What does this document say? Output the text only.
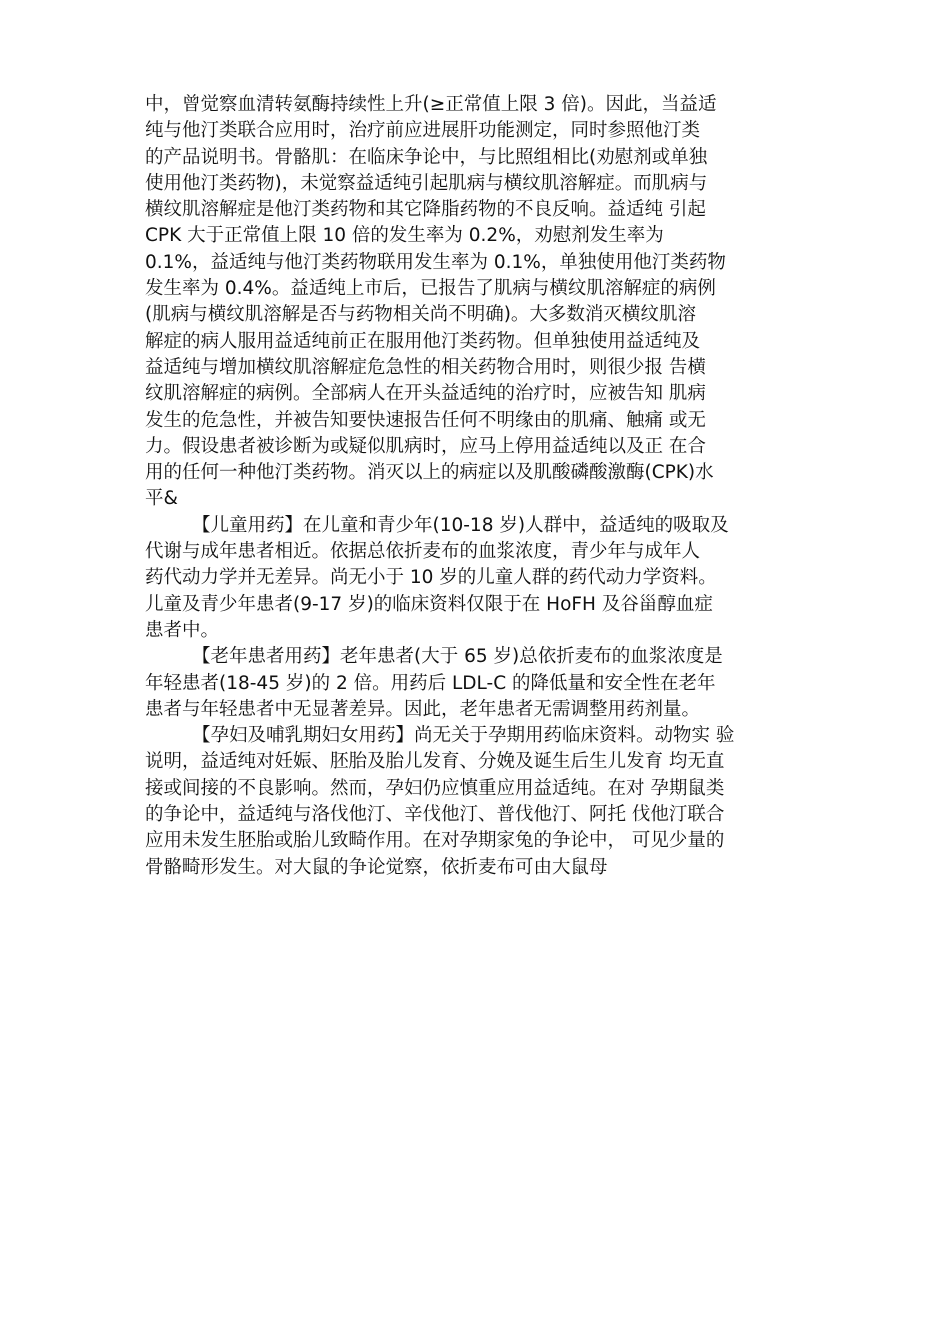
中，曾觉察血清转氨酶持续性上升(≥正常值上限 3 倍)。因此，当益适
纯与他汀类联合应用时，治疗前应进展肝功能测定，同时参照他汀类
的产品说明书。骨骼肌：在临床争论中，与比照组相比(劝慰剂或单独
使用他汀类药物)，未觉察益适纯引起肌病与横纹肌溶解症。而肌病与
横纹肌溶解症是他汀类药物和其它降脂药物的不良反响。益适纯 引起
CPK 大于正常值上限 10 倍的发生率为 0.2%，劝慰剂发生率为
0.1%，益适纯与他汀类药物联用发生率为 0.1%，单独使用他汀类药物
发生率为 0.4%。益适纯上市后，已报告了肌病与横纹肌溶解症的病例
(肌病与横纹肌溶解是否与药物相关尚不明确)。大多数消灭横纹肌溶
解症的病人服用益适纯前正在服用他汀类药物。但单独使用益适纯及
益适纯与增加横纹肌溶解症危急性的相关药物合用时，则很少报 告横
纹肌溶解症的病例。全部病人在开头益适纯的治疗时，应被告知 肌病
发生的危急性，并被告知要快速报告任何不明缘由的肌痛、触痛 或无
力。假设患者被诊断为或疑似肌病时，应马上停用益适纯以及正 在合
用的任何一种他汀类药物。消灭以上的病症以及肌酸磷酸激酶(CPK)水
平&
【儿童用药】在儿童和青少年(10-18 岁)人群中，益适纯的吸取及
代谢与成年患者相近。依据总依折麦布的血浆浓度，青少年与成年人
药代动力学并无差异。尚无小于 10 岁的儿童人群的药代动力学资料。
儿童及青少年患者(9-17 岁)的临床资料仅限于在 HoFH 及谷甾醇血症
患者中。
【老年患者用药】老年患者(大于 65 岁)总依折麦布的血浆浓度是
年轻患者(18-45 岁)的 2 倍。用药后 LDL-C 的降低量和安全性在老年
患者与年轻患者中无显著差异。因此，老年患者无需调整用药剂量。
【孕妇及哺乳期妇女用药】尚无关于孕期用药临床资料。动物实 验
说明，益适纯对妊娠、胚胎及胎儿发育、分娩及诞生后生儿发育 均无直
接或间接的不良影响。然而，孕妇仍应慎重应用益适纯。在对 孕期鼠类
的争论中，益适纯与洛伐他汀、辛伐他汀、普伐他汀、阿托 伐他汀联合
应用未发生胚胎或胎儿致畸作用。在对孕期家兔的争论中， 可见少量的
骨骼畸形发生。对大鼠的争论觉察，依折麦布可由大鼠母
